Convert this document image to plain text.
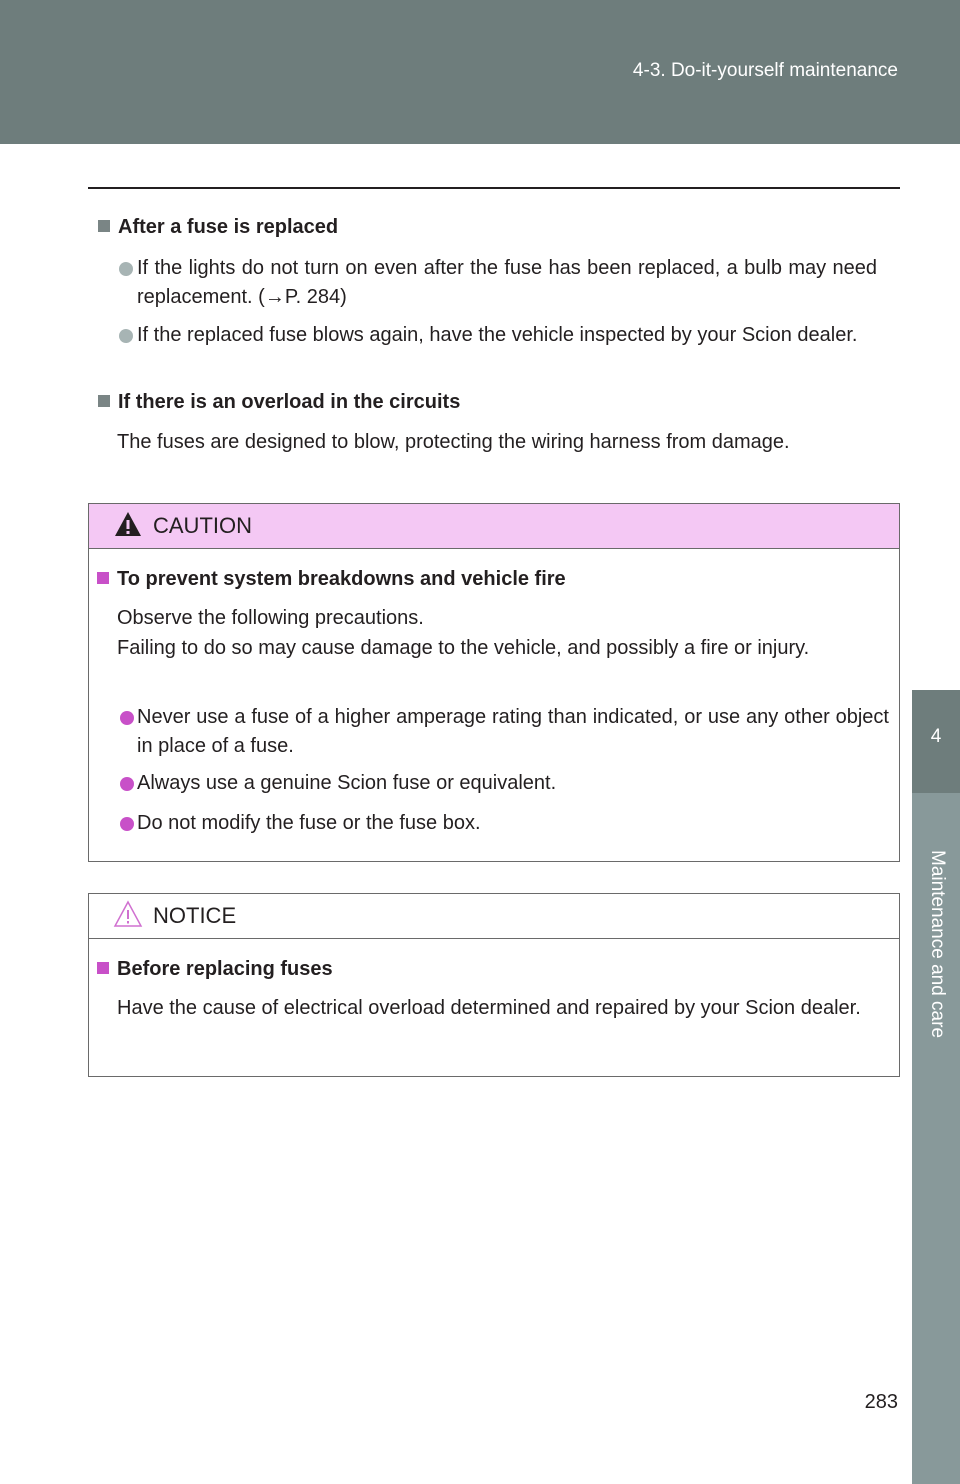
4-3. Do-it-yourself maintenance
4
Maintenance and care
After a fuse is replaced
If the lights do not turn on even after the fuse has been replaced, a bulb may need replacement. (→P. 284)
If the replaced fuse blows again, have the vehicle inspected by your Scion dealer.
If there is an overload in the circuits
The fuses are designed to blow, protecting the wiring harness from damage.
CAUTION
To prevent system breakdowns and vehicle fire
Observe the following precautions.
Failing to do so may cause damage to the vehicle, and possibly a fire or injury.
Never use a fuse of a higher amperage rating than indicated, or use any other object in place of a fuse.
Always use a genuine Scion fuse or equivalent.
Do not modify the fuse or the fuse box.
NOTICE
Before replacing fuses
Have the cause of electrical overload determined and repaired by your Scion dealer.
283
